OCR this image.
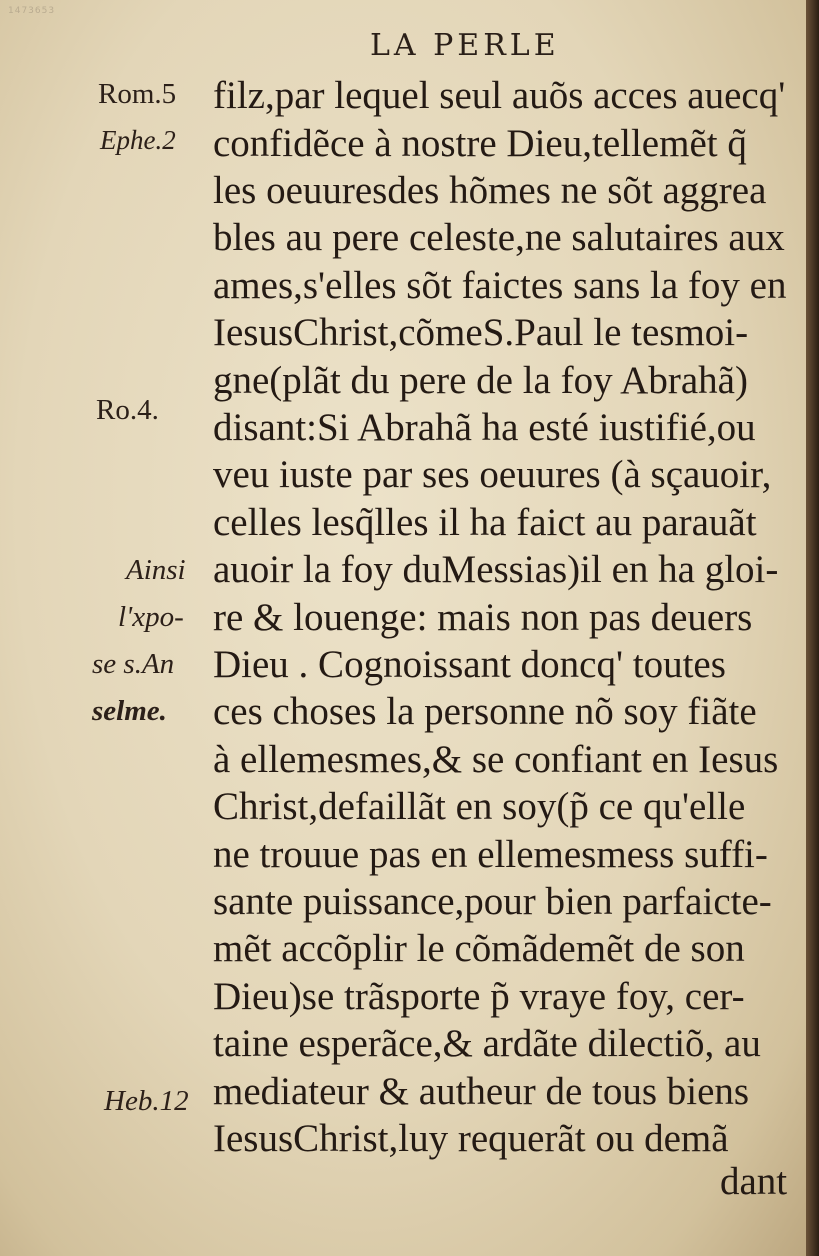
1473653
LA PERLE
Rom.5
Ephe.2
Ro.4.
Ainsi
l'xpo-
se s.An
selme.
Heb.12
filz,par lequel seul auõs acces auecq'
confidẽce à nostre Dieu,tellemẽt q̃
les oeuuresdes hõmes ne sõt aggrea
bles au pere celeste,ne salutaires aux
ames,s'elles sõt faictes sans la foy en
IesusChrist,cõmeS.Paul le tesmoi-
gne(plãt du pere de la foy Abrahã)
disant:Si Abrahã ha esté iustifié,ou
veu iuste par ses oeuures (à sçauoir,
celles lesq̃lles il ha faict au parauãt
auoir la foy duMessias)il en ha gloi-
re & louenge: mais non pas deuers
Dieu . Cognoissant doncq' toutes
ces choses la personne nõ soy fiãte
à ellemesmes,& se confiant en Iesus
Christ,defaillãt en soy(p̃ ce qu'elle
ne trouue pas en ellemesmess suffi-
sante puissance,pour bien parfaicte-
mẽt accõplir le cõmãdemẽt de son
Dieu)se trãsporte p̃ vraye foy, cer-
taine esperãce,& ardãte dilectiõ, au
mediateur & autheur de tous biens
IesusChrist,luy requerãt ou demã
dant
